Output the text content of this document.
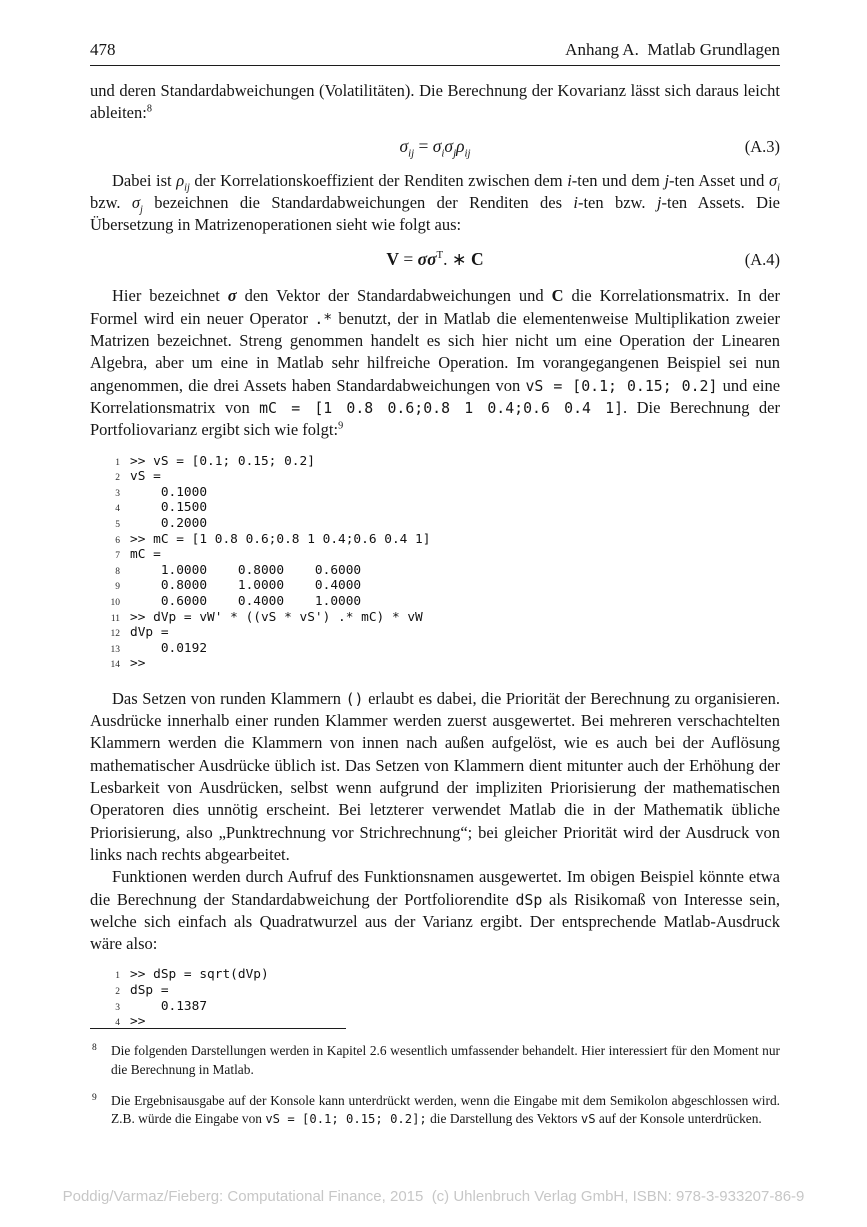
478	Anhang A.  Matlab Grundlagen

und deren Standardabweichungen (Volatilitäten). Die Berechnung der Kovarianz lässt sich daraus leicht ableiten:$^8$

$\sigma_{ij} = \sigma_i\sigma_j\rho_{ij}$	(A.3)

Dabei ist $\rho_{ij}$ der Korrelationskoeffizient der Renditen zwischen dem i-ten und dem j-ten Asset und $\sigma_i$ bzw. $\sigma_j$ bezeichnen die Standardabweichungen der Renditen des i-ten bzw. j-ten Assets. Die Übersetzung in Matrizenoperationen sieht wie folgt aus:

$V = \sigma\sigma^T$. ∗ C	(A.4)

Hier bezeichnet σ den Vektor der Standardabweichungen und C die Korrelationsmatrix. In der Formel wird ein neuer Operator .* benutzt, der in Matlab die elementenweise Multiplikation zweier Matrizen bezeichnet. Streng genommen handelt es sich hier nicht um eine Operation der Linearen Algebra, aber um eine in Matlab sehr hilfreiche Operation. Im vorangegangenen Beispiel sei nun angenommen, die drei Assets haben Standardabweichungen von vS = [0.1; 0.15; 0.2] und eine Korrelationsmatrix von mC = [1 0.8 0.6;0.8 1 0.4;0.6 0.4 1]. Die Berechnung der Portfoliovarianz ergibt sich wie folgt:$^9$

1 >> vS = [0.1; 0.15; 0.2]
2 vS =
3 0.1000
4 0.1500
5 0.2000
6 >> mC = [1 0.8 0.6;0.8 1 0.4;0.6 0.4 1]
7 mC =
8 1.0000    0.8000    0.6000
9 0.8000    1.0000    0.4000
10 0.6000    0.4000    1.0000
11 >> dVp = vW' * ((vS * vS') .* mC) * vW
12 dVp =
13 0.0192
14 >>

Das Setzen von runden Klammern () erlaubt es dabei, die Priorität der Berechnung zu organisieren. Ausdrücke innerhalb einer runden Klammer werden zuerst ausgewertet. Bei mehreren verschachtelten Klammern werden die Klammern von innen nach außen aufgelöst, wie es auch bei der Auflösung mathematischer Ausdrücke üblich ist. Das Setzen von Klammern dient mitunter auch der Erhöhung der Lesbarkeit von Ausdrücken, selbst wenn aufgrund der impliziten Priorisierung der mathematischen Operatoren dies unnötig erscheint. Bei letzterer verwendet Matlab die in der Mathematik übliche Priorisierung, also „Punktrechnung vor Strichrechnung“; bei gleicher Priorität wird der Ausdruck von links nach rechts abgearbeitet.

Funktionen werden durch Aufruf des Funktionsnamen ausgewertet. Im obigen Beispiel könnte etwa die Berechnung der Standardabweichung der Portfoliorendite dSp als Risikomaß von Interesse sein, welche sich einfach als Quadratwurzel aus der Varianz ergibt. Der entsprechende Matlab-Ausdruck wäre also:

1 >> dSp = sqrt(dVp)
2 dSp =
3 0.1387
4 >>
8 Die folgenden Darstellungen werden in Kapitel 2.6 wesentlich umfassender behandelt. Hier interessiert für den Moment nur die Berechnung in Matlab.
9 Die Ergebnisausgabe auf der Konsole kann unterdrückt werden, wenn die Eingabe mit dem Semikolon abgeschlossen wird. Z.B. würde die Eingabe von vS = [0.1; 0.15; 0.2]; die Darstellung des Vektors vS auf der Konsole unterdrücken.
Poddig/Varmaz/Fieberg: Computational Finance, 2015  (c) Uhlenbruch Verlag GmbH, ISBN: 978-3-933207-86-9
